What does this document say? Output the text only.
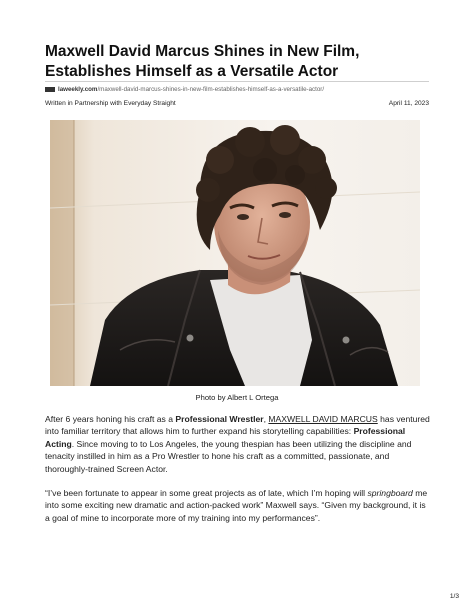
Maxwell David Marcus Shines in New Film, Establishes Himself as a Versatile Actor
laweekly.com/maxwell-david-marcus-shines-in-new-film-establishes-himself-as-a-versatile-actor/
Written in Partnership with Everyday Straight	April 11, 2023
Photo by Albert L Ortega

After 6 years honing his craft as a Professional Wrestler, MAXWELL DAVID MARCUS has ventured into familiar territory that allows him to further expand his storytelling capabilities: Professional Acting. Since moving to to Los Angeles, the young thespian has been utilizing the discipline and tenacity instilled in him as a Pro Wrestler to hone his craft as a committed, passionate, and thoroughly-trained Screen Actor.

“I’ve been fortunate to appear in some great projects as of late, which I’m hoping will springboard me into some exciting new dramatic and action-packed work” Maxwell says. “Given my background, it is a goal of mine to incorporate more of my training into my performances”.

1/3
